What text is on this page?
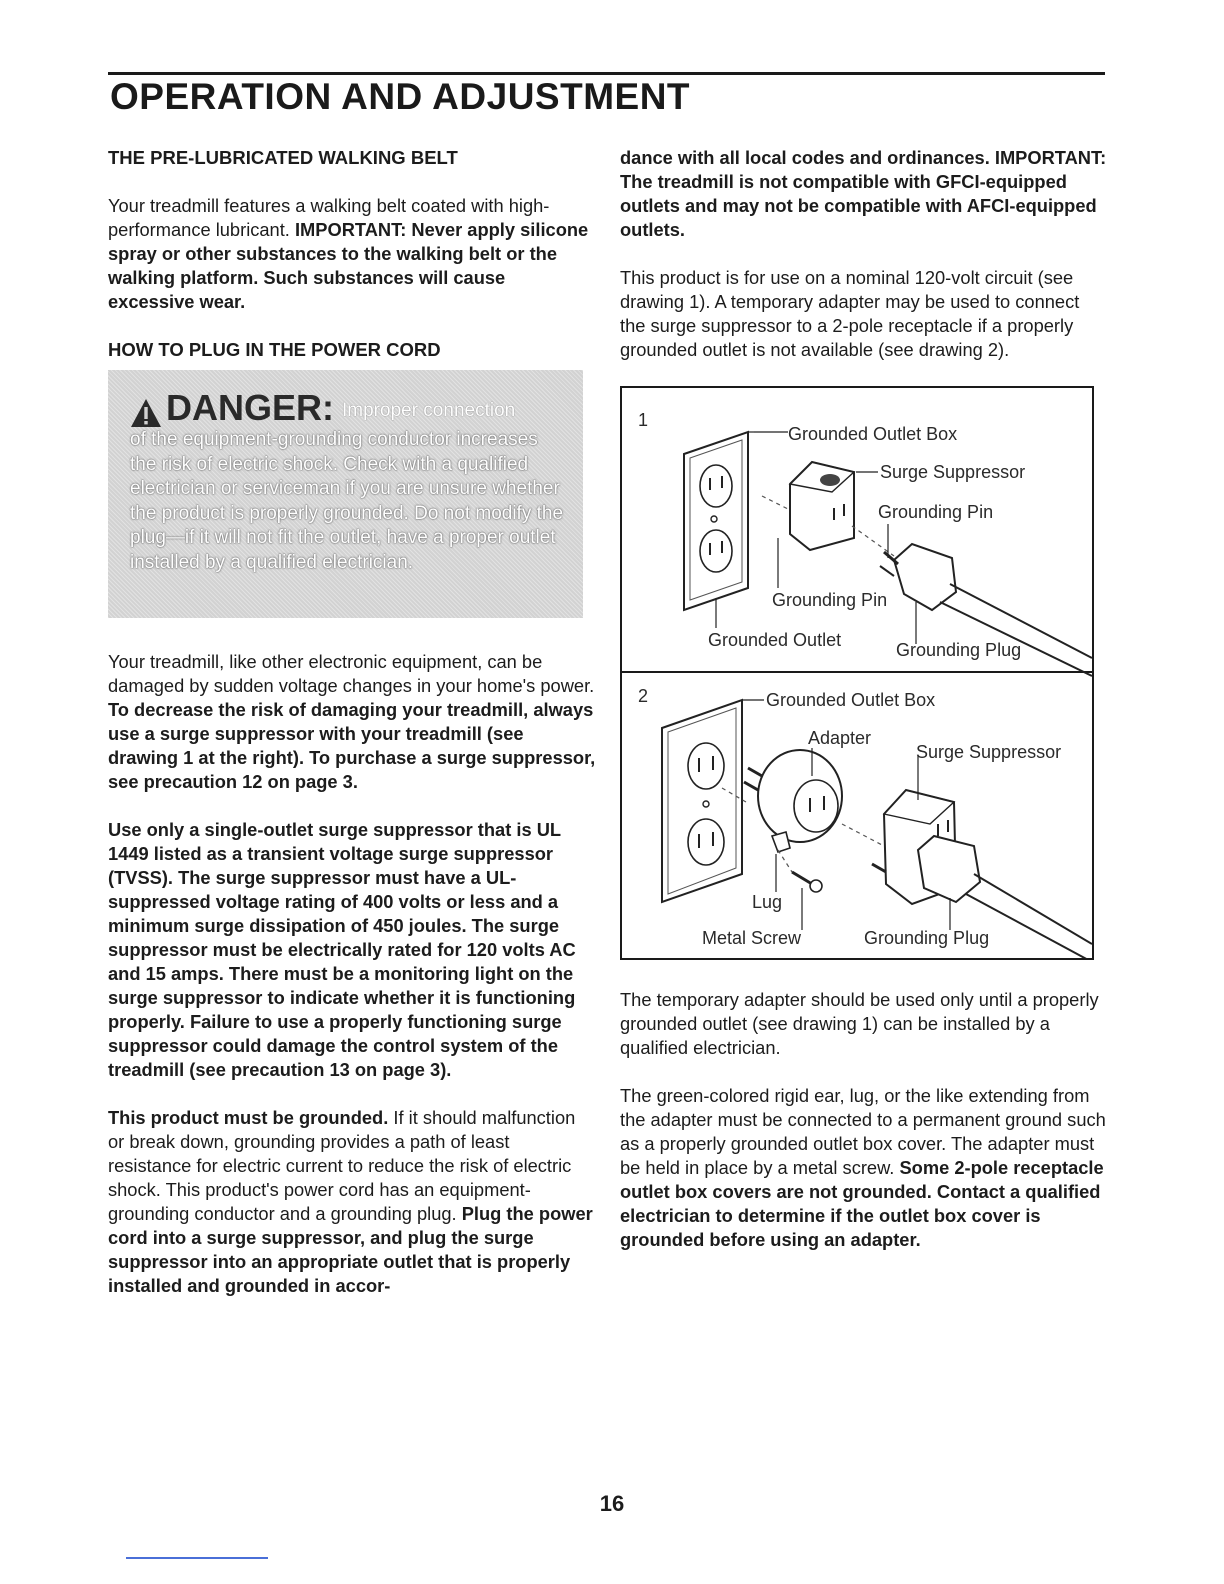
OPERATION AND ADJUSTMENT
THE PRE-LUBRICATED WALKING BELT

Your treadmill features a walking belt coated with high-performance lubricant. IMPORTANT: Never apply silicone spray or other substances to the walking belt or the walking platform. Such substances will cause excessive wear.

HOW TO PLUG IN THE POWER CORD
DANGER: Improper connection
of the equipment-grounding conductor increases the risk of electric shock. Check with a qualified electrician or serviceman if you are unsure whether the product is properly grounded. Do not modify the plug—if it will not fit the outlet, have a proper outlet installed by a qualified electrician.

Your treadmill, like other electronic equipment, can be damaged by sudden voltage changes in your home's power. To decrease the risk of damaging your treadmill, always use a surge suppressor with your treadmill (see drawing 1 at the right). To purchase a surge suppressor, see precaution 12 on page 3.

Use only a single-outlet surge suppressor that is UL 1449 listed as a transient voltage surge suppressor (TVSS). The surge suppressor must have a UL-suppressed voltage rating of 400 volts or less and a minimum surge dissipation of 450 joules. The surge suppressor must be electrically rated for 120 volts AC and 15 amps. There must be a monitoring light on the surge suppressor to indicate whether it is functioning properly. Failure to use a properly functioning surge suppressor could damage the control system of the treadmill (see precaution 13 on page 3).

This product must be grounded. If it should malfunction or break down, grounding provides a path of least resistance for electric current to reduce the risk of electric shock. This product's power cord has an equipment-grounding conductor and a grounding plug. Plug the power cord into a surge suppressor, and plug the surge suppressor into an appropriate outlet that is properly installed and grounded in accor-

dance with all local codes and ordinances. IMPORTANT: The treadmill is not compatible with GFCI-equipped outlets and may not be compatible with AFCI-equipped outlets.

This product is for use on a nominal 120-volt circuit (see drawing 1). A temporary adapter may be used to connect the surge suppressor to a 2-pole receptacle if a properly grounded outlet is not available (see drawing 2).

1
Grounded Outlet Box
Surge Suppressor
Grounding Pin
Grounding Pin
Grounded Outlet	Grounding Plug
2	Grounded Outlet Box
Adapter
Surge Suppressor
Lug
Metal Screw	Grounding Plug

The temporary adapter should be used only until a properly grounded outlet (see drawing 1) can be installed by a qualified electrician.

The green-colored rigid ear, lug, or the like extending from the adapter must be connected to a permanent ground such as a properly grounded outlet box cover. The adapter must be held in place by a metal screw. Some 2-pole receptacle outlet box covers are not grounded. Contact a qualified electrician to determine if the outlet box cover is grounded before using an adapter.

16
